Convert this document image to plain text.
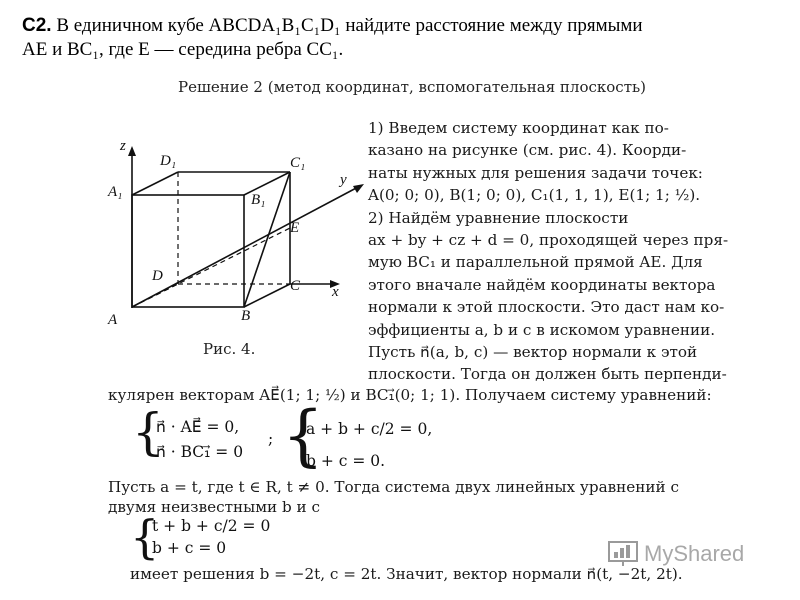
C2. В единичном кубе ABCDA₁B₁C₁D₁ найдите расстояние между прямыми
AE и BC₁, где E — середина ребра CC₁.
Решение 2 (метод координат, вспомогательная плоскость)
z
y
x
A₁
D₁	C₁
B₁
E
D
C
A	B
Рис. 4.
1) Введем систему координат как по-
казано на рисунке (см. рис. 4). Коорди-
наты нужных для решения задачи точек:
A(0; 0; 0), B(1; 0; 0), C₁(1, 1, 1), E(1; 1; ½).
2) Найдём уравнение плоскости
ax + by + cz + d = 0, проходящей через пря-
мую BC₁ и параллельной прямой AE. Для
этого вначале найдём координаты вектора
нормали к этой плоскости. Это даст нам ко-
эффициенты a, b и c в искомом уравнении.
Пусть n⃗(a, b, c) — вектор нормали к этой
плоскости. Тогда он должен быть перпенди-
кулярен векторам AE⃗(1; 1; ½) и BC₁⃗(0; 1; 1). Получаем систему уравнений:
{
n⃗ · AE⃗ = 0,
n⃗ · BC₁⃗ = 0
; {
a + b + c/2 = 0,
b + c = 0.
Пусть a = t, где t ∈ R, t ≠ 0. Тогда система двух линейных уравнений с
двумя неизвестными b и c
{
t + b + c/2 = 0
b + c = 0
имеет решения b = −2t, c = 2t. Значит, вектор нормали n⃗(t, −2t, 2t).
MyShared
